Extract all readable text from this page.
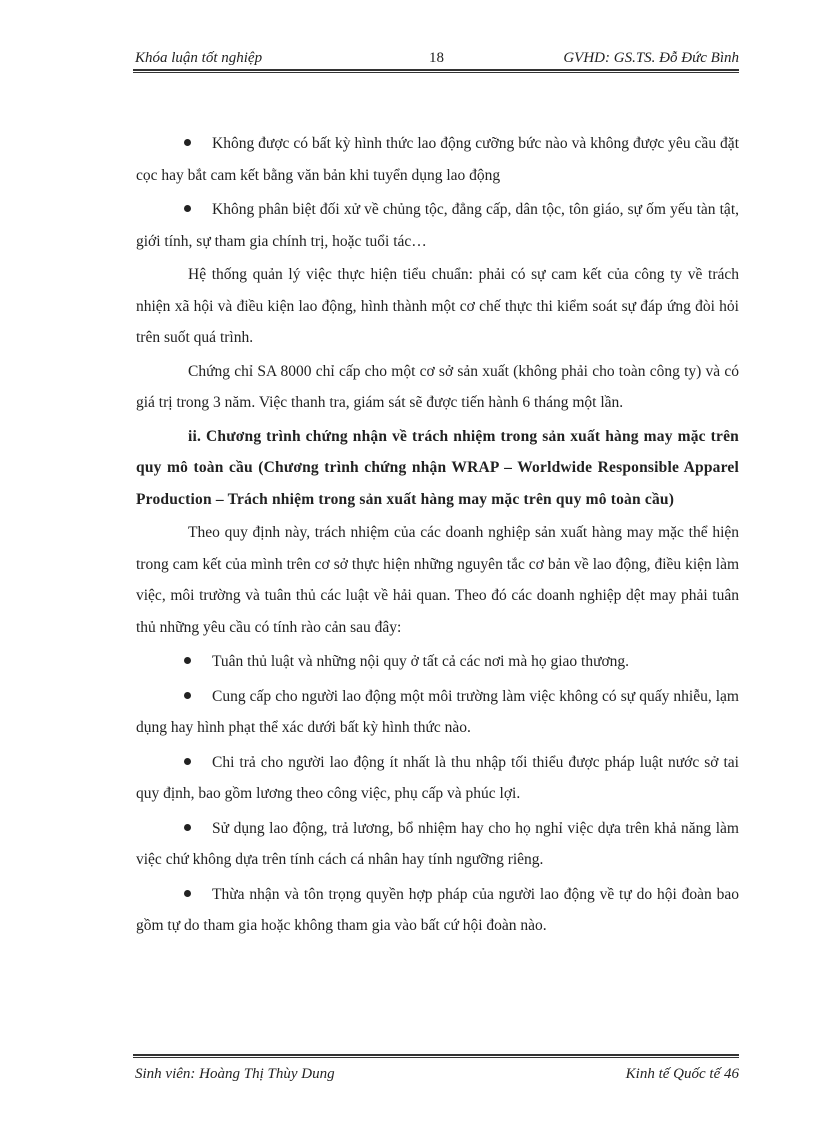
Khóa luận tốt nghiệp	18	GVHD: GS.TS. Đỗ Đức Bình

Không được có bất kỳ hình thức lao động cưỡng bức nào và không được yêu cầu đặt cọc hay bắt cam kết bằng văn bản khi tuyển dụng lao động

Không phân biệt đối xử về chủng tộc, đẳng cấp, dân tộc, tôn giáo, sự ốm yếu tàn tật, giới tính, sự tham gia chính trị, hoặc tuổi tác…

Hệ thống quản lý việc thực hiện tiểu chuẩn: phải có sự cam kết của công ty về trách nhiện xã hội và điều kiện lao động, hình thành một cơ chế thực thi kiểm soát sự đáp ứng đòi hỏi trên suốt quá trình.

Chứng chỉ SA 8000 chỉ cấp cho một cơ sở sản xuất (không phải cho toàn công ty) và có giá trị trong 3 năm. Việc thanh tra, giám sát sẽ được tiến hành 6 tháng một lần.

ii. Chương trình chứng nhận về trách nhiệm trong sản xuất hàng may mặc trên quy mô toàn cầu (Chương trình chứng nhận WRAP – Worldwide Responsible Apparel Production – Trách nhiệm trong sản xuất hàng may mặc trên quy mô toàn cầu)

Theo quy định này, trách nhiệm của các doanh nghiệp sản xuất hàng may mặc thể hiện trong cam kết của mình trên cơ sở thực hiện những nguyên tắc cơ bản về lao động, điều kiện làm việc, môi trường và tuân thủ các luật về hải quan. Theo đó các doanh nghiệp dệt may phải tuân thủ những yêu cầu có tính rào cản sau đây:

Tuân thủ luật và những nội quy ở tất cả các nơi mà họ giao thương.

Cung cấp cho người lao động một môi trường làm việc không có sự quấy nhiễu, lạm dụng hay hình phạt thể xác dưới bất kỳ hình thức nào.

Chi trả cho người lao động ít nhất là thu nhập tối thiểu được pháp luật nước sở tai quy định, bao gồm lương theo công việc, phụ cấp và phúc lợi.

Sử dụng lao động, trả lương, bổ nhiệm hay cho họ nghỉ việc dựa trên khả năng làm việc chứ không dựa trên tính cách cá nhân hay tính ngưỡng riêng.

Thừa nhận và tôn trọng quyền hợp pháp của người lao động về tự do hội đoàn bao gồm tự do tham gia hoặc không tham gia vào bất cứ hội đoàn nào.

Sinh viên: Hoàng Thị Thùy Dung	Kinh tế Quốc tế 46
